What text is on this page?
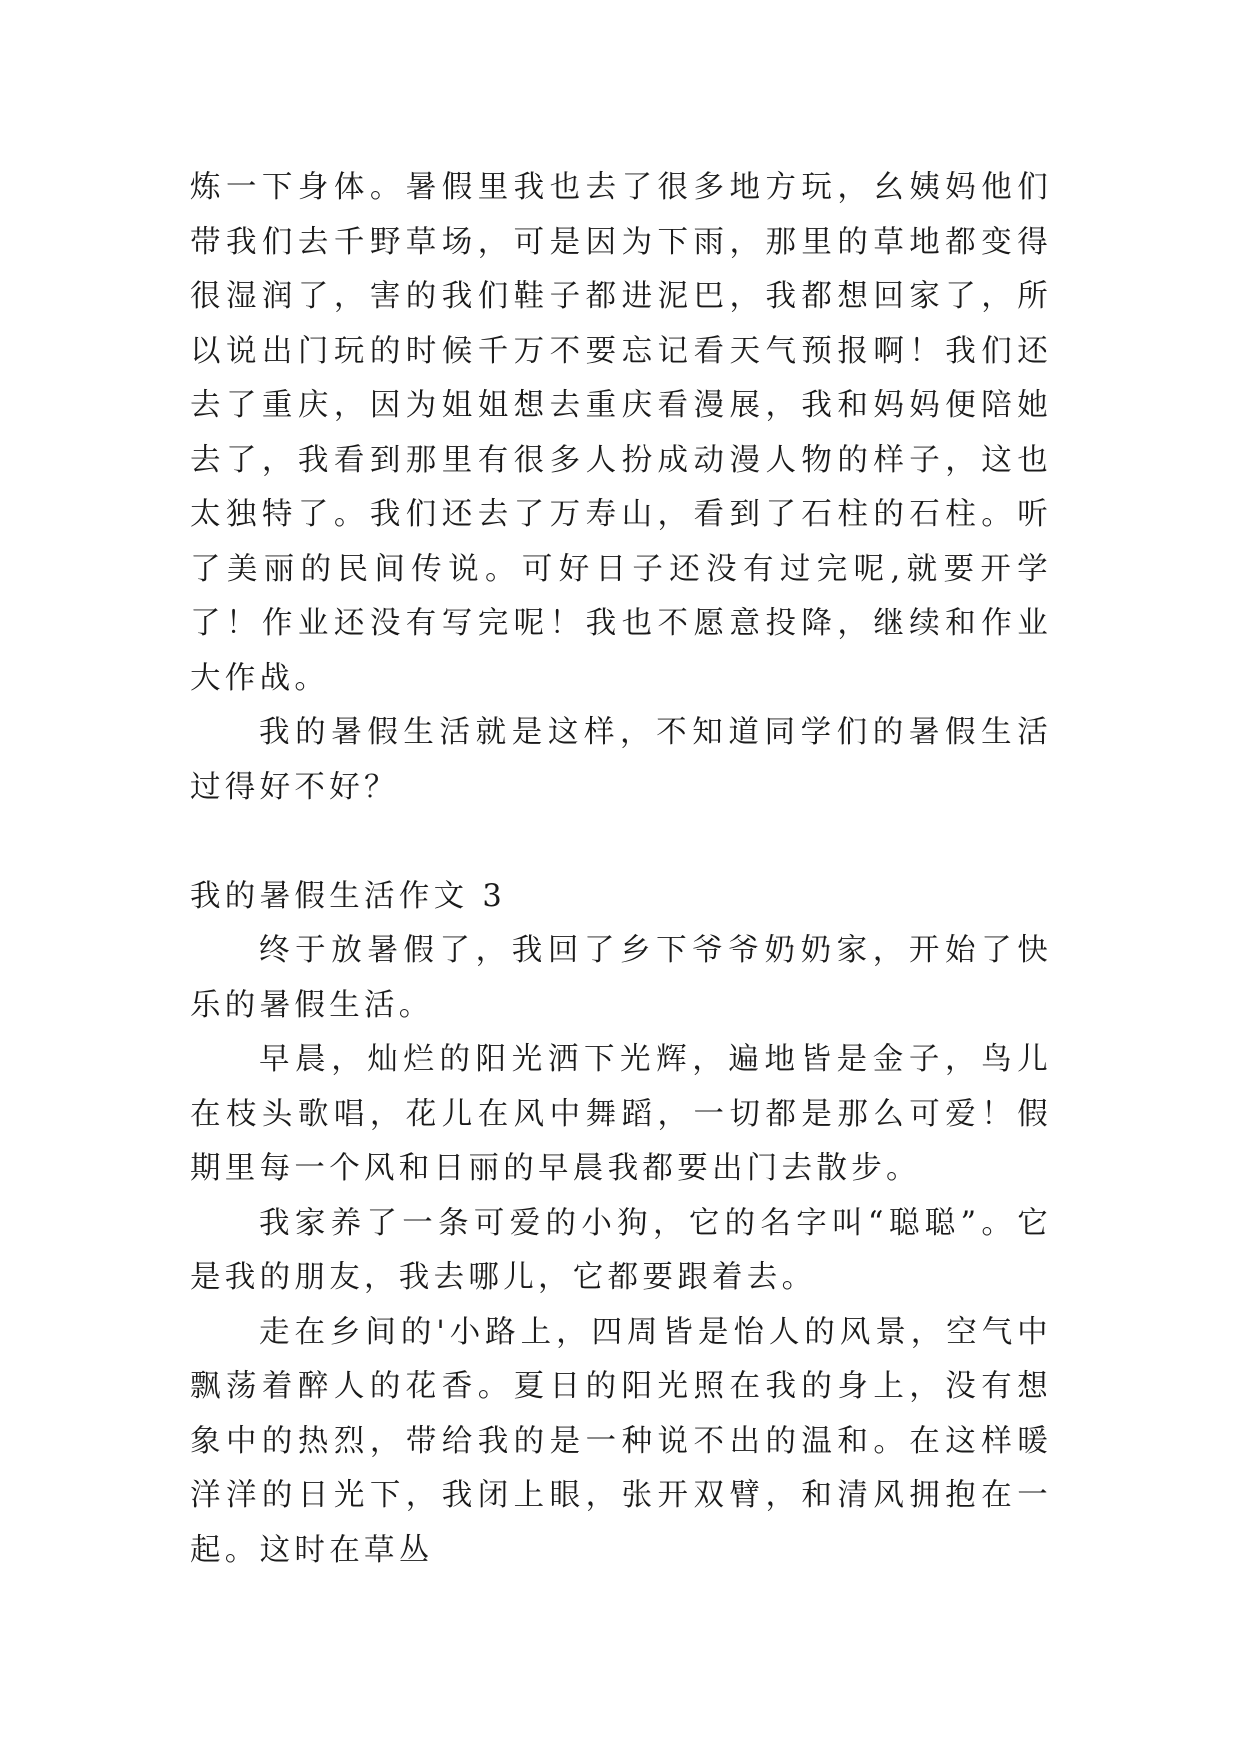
炼一下身体。暑假里我也去了很多地方玩，幺姨妈他们带我们去千野草场，可是因为下雨，那里的草地都变得很湿润了，害的我们鞋子都进泥巴，我都想回家了，所以说出门玩的时候千万不要忘记看天气预报啊！我们还去了重庆，因为姐姐想去重庆看漫展，我和妈妈便陪她去了，我看到那里有很多人扮成动漫人物的样子，这也太独特了。我们还去了万寿山，看到了石柱的石柱。听了美丽的民间传说。可好日子还没有过完呢,就要开学了！作业还没有写完呢！我也不愿意投降，继续和作业大作战。

我的暑假生活就是这样，不知道同学们的暑假生活过得好不好？

我的暑假生活作文 3

终于放暑假了，我回了乡下爷爷奶奶家，开始了快乐的暑假生活。

早晨，灿烂的阳光洒下光辉，遍地皆是金子，鸟儿在枝头歌唱，花儿在风中舞蹈，一切都是那么可爱！假期里每一个风和日丽的早晨我都要出门去散步。

我家养了一条可爱的小狗，它的名字叫“聪聪”。它是我的朋友，我去哪儿，它都要跟着去。

走在乡间的'小路上，四周皆是怡人的风景，空气中飘荡着醉人的花香。夏日的阳光照在我的身上，没有想象中的热烈，带给我的是一种说不出的温和。在这样暖洋洋的日光下，我闭上眼，张开双臂，和清风拥抱在一起。这时在草丛
